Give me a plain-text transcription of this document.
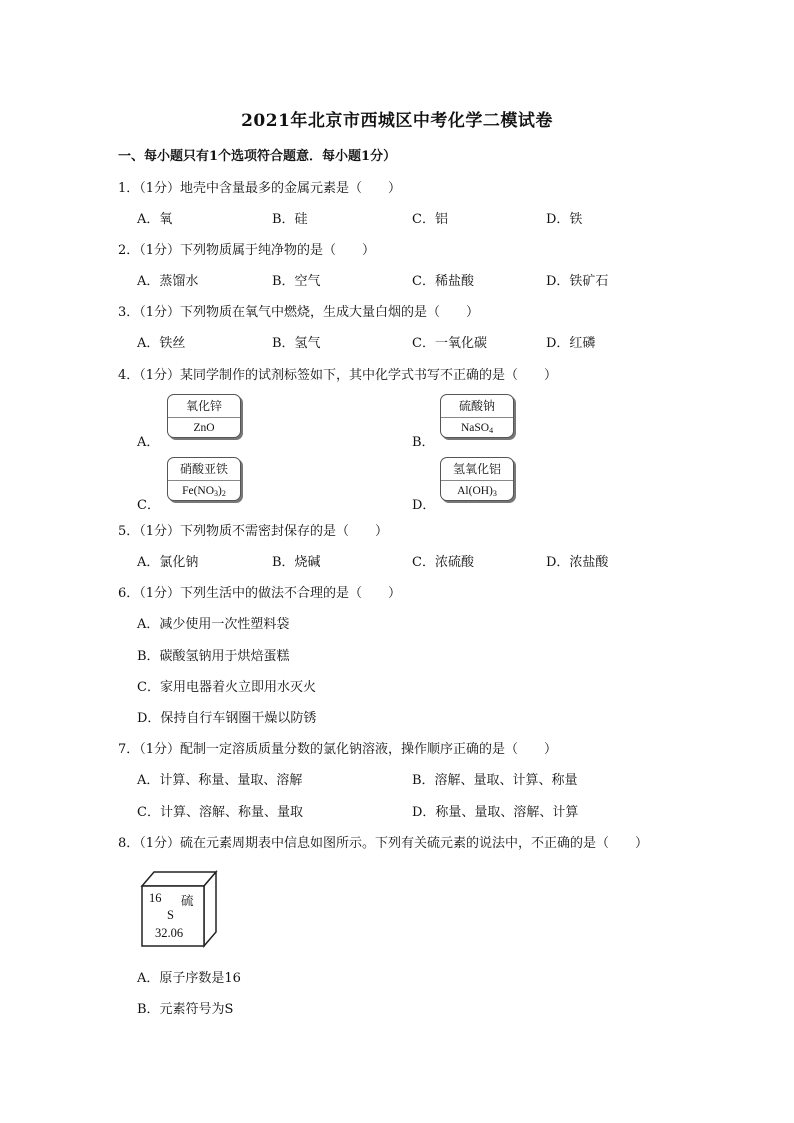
2021年北京市西城区中考化学二模试卷
一、每小题只有1个选项符合题意．每小题1分）
1．（1分）地壳中含量最多的金属元素是（　　）
A．氧	B．硅	C．铝	D．铁
2．（1分）下列物质属于纯净物的是（　　）
A．蒸馏水	B．空气	C．稀盐酸	D．铁矿石
3．（1分）下列物质在氧气中燃烧，生成大量白烟的是（　　）
A．铁丝	B．氢气	C．一氧化碳	D．红磷
4．（1分）某同学制作的试剂标签如下，其中化学式书写不正确的是（　　）
A．	B．
C．	D．
氧化锌
ZnO
硫酸钠
NaSO$_4$
硝酸亚铁
$Fe(NO_3)_2$
氢氧化铝
$Al(OH)_3$
5．（1分）下列物质不需密封保存的是（　　）
A．氯化钠	B．烧碱	C．浓硫酸	D．浓盐酸
6．（1分）下列生活中的做法不合理的是（　　）
A．减少使用一次性塑料袋
B．碳酸氢钠用于烘焙蛋糕
C．家用电器着火立即用水灭火
D．保持自行车钢圈干燥以防锈
7．（1分）配制一定溶质质量分数的氯化钠溶液，操作顺序正确的是（　　）
A．计算、称量、量取、溶解	B．溶解、量取、计算、称量
C．计算、溶解、称量、量取	D．称量、量取、溶解、计算
8．（1分）硫在元素周期表中信息如图所示。下列有关硫元素的说法中，不正确的是（　　）
16 硫
S
32.06
A．原子序数是16
B．元素符号为S
